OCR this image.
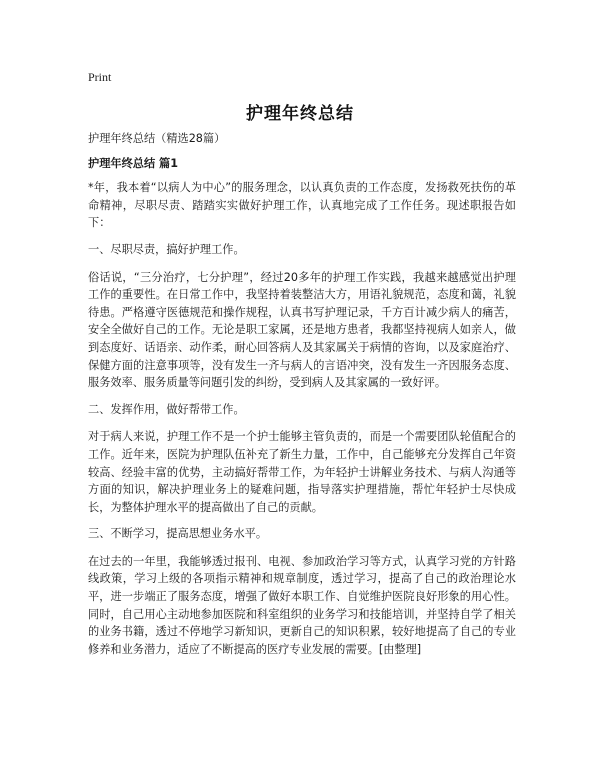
Print
护理年终总结

护理年终总结（精选28篇）

护理年终总结 篇1

*年，我本着“以病人为中心”的服务理念，以认真负责的工作态度，发扬救死扶伤的革命精神，尽职尽责、踏踏实实做好护理工作，认真地完成了工作任务。现述职报告如下：

一、尽职尽责，搞好护理工作。

俗话说，“三分治疗，七分护理”，经过20多年的护理工作实践，我越来越感觉出护理工作的重要性。在日常工作中，我坚持着装整洁大方，用语礼貌规范，态度和蔼，礼貌待患。严格遵守医德规范和操作规程，认真书写护理记录，千方百计减少病人的痛苦，安全全做好自己的工作。无论是职工家属，还是地方患者，我都坚持视病人如亲人，做到态度好、话语亲、动作柔，耐心回答病人及其家属关于病情的咨询，以及家庭治疗、保健方面的注意事项等，没有发生一齐与病人的言语冲突，没有发生一齐因服务态度、服务效率、服务质量等问题引发的纠纷，受到病人及其家属的一致好评。

二、发挥作用，做好帮带工作。

对于病人来说，护理工作不是一个护士能够主管负责的，而是一个需要团队轮值配合的工作。近年来，医院为护理队伍补充了新生力量，工作中，自己能够充分发挥自己年资较高、经验丰富的优势，主动搞好帮带工作，为年轻护士讲解业务技术、与病人沟通等方面的知识，解决护理业务上的疑难问题，指导落实护理措施，帮忙年轻护士尽快成长，为整体护理水平的提高做出了自己的贡献。

三、不断学习，提高思想业务水平。

在过去的一年里，我能够透过报刊、电视、参加政治学习等方式，认真学习党的方针路线政策，学习上级的各项指示精神和规章制度，透过学习，提高了自己的政治理论水平，进一步端正了服务态度，增强了做好本职工作、自觉维护医院良好形象的用心性。同时，自己用心主动地参加医院和科室组织的业务学习和技能培训，并坚持自学了相关的业务书籍，透过不停地学习新知识，更新自己的知识积累，较好地提高了自己的专业修养和业务潜力，适应了不断提高的医疗专业发展的需要。[由整理]
